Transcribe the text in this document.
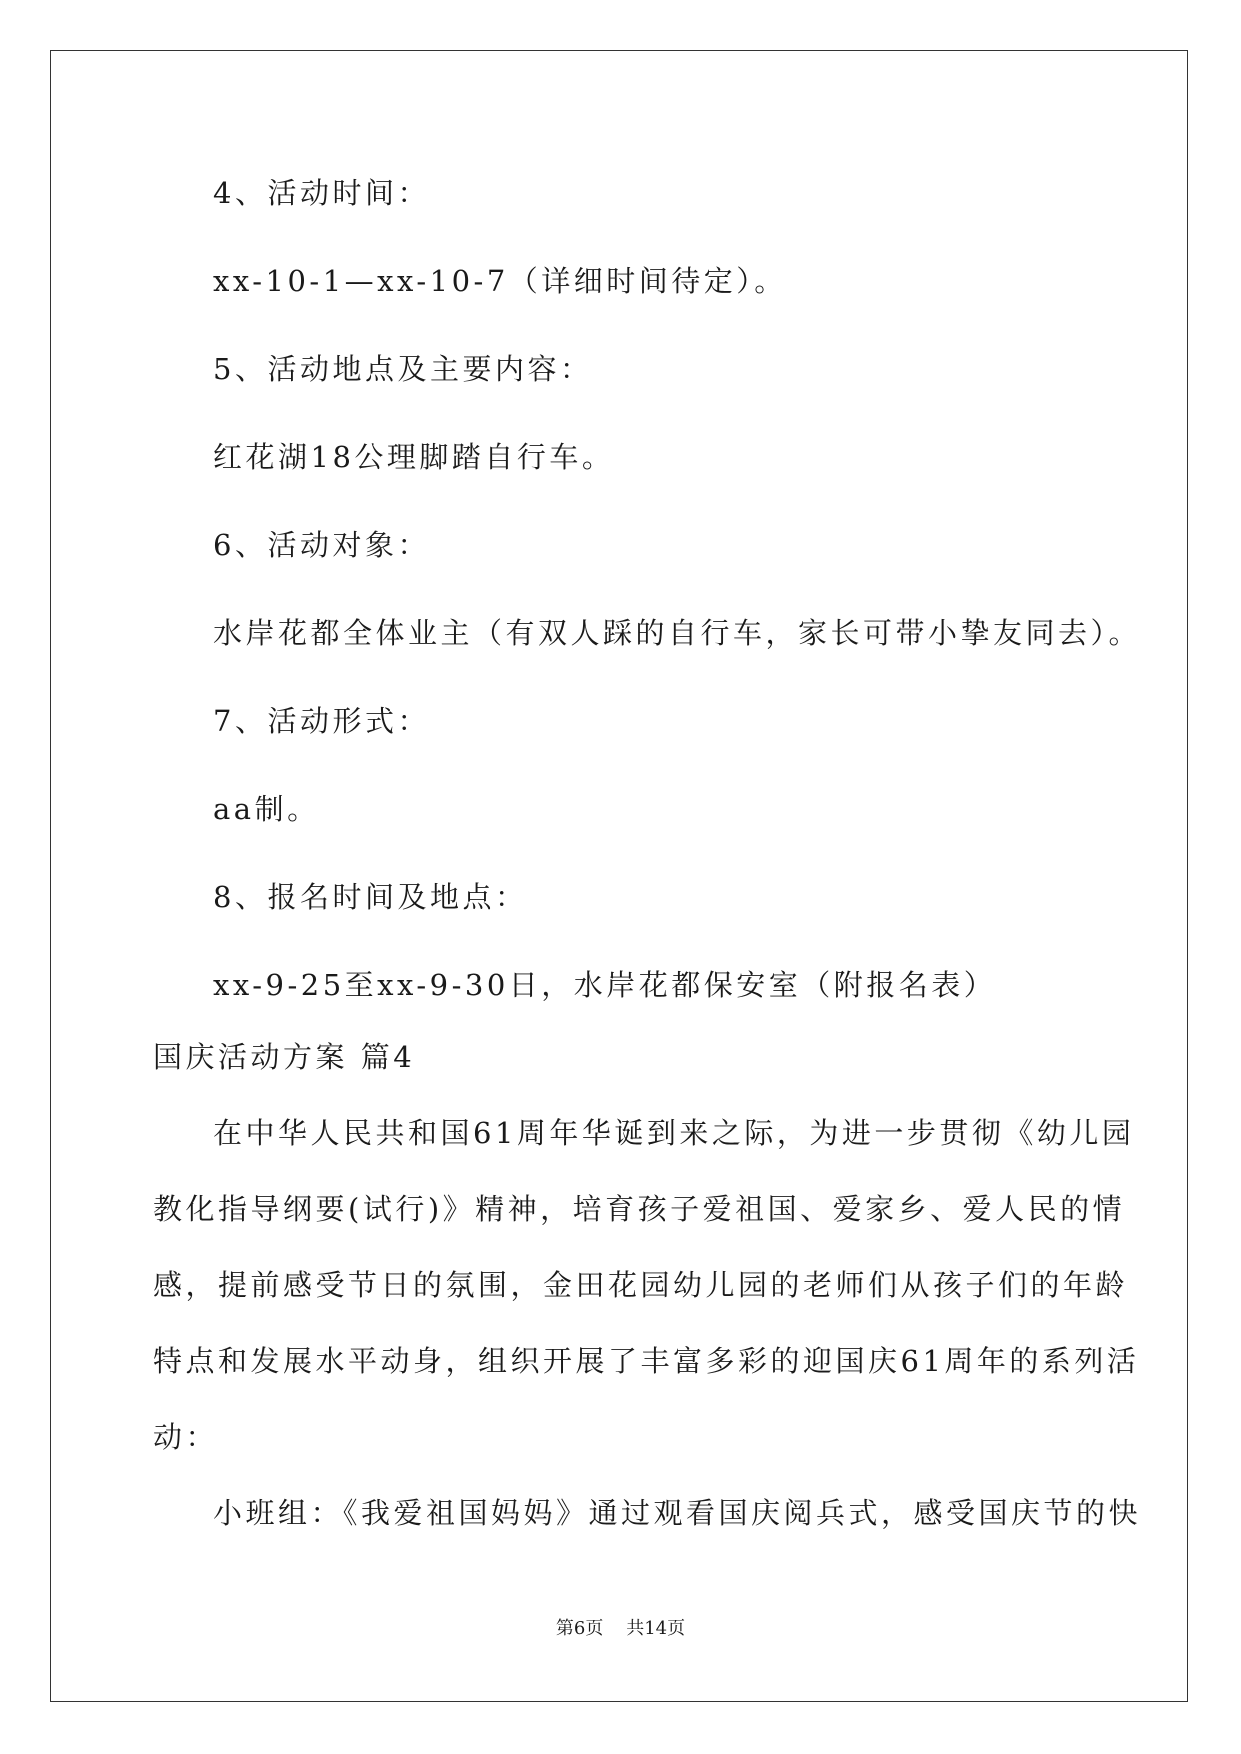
4、活动时间：
xx-10-1—xx-10-7（详细时间待定）。
5、活动地点及主要内容：
红花湖18公理脚踏自行车。
6、活动对象：
水岸花都全体业主（有双人踩的自行车，家长可带小挚友同去）。
7、活动形式：
aa制。
8、报名时间及地点：
xx-9-25至xx-9-30日，水岸花都保安室（附报名表）
国庆活动方案 篇4
在中华人民共和国61周年华诞到来之际，为进一步贯彻《幼儿园
教化指导纲要(试行)》精神，培育孩子爱祖国、爱家乡、爱人民的情
感，提前感受节日的氛围，金田花园幼儿园的老师们从孩子们的年龄
特点和发展水平动身，组织开展了丰富多彩的迎国庆61周年的系列活
动：
小班组：《我爱祖国妈妈》通过观看国庆阅兵式，感受国庆节的快
第6页    共14页
